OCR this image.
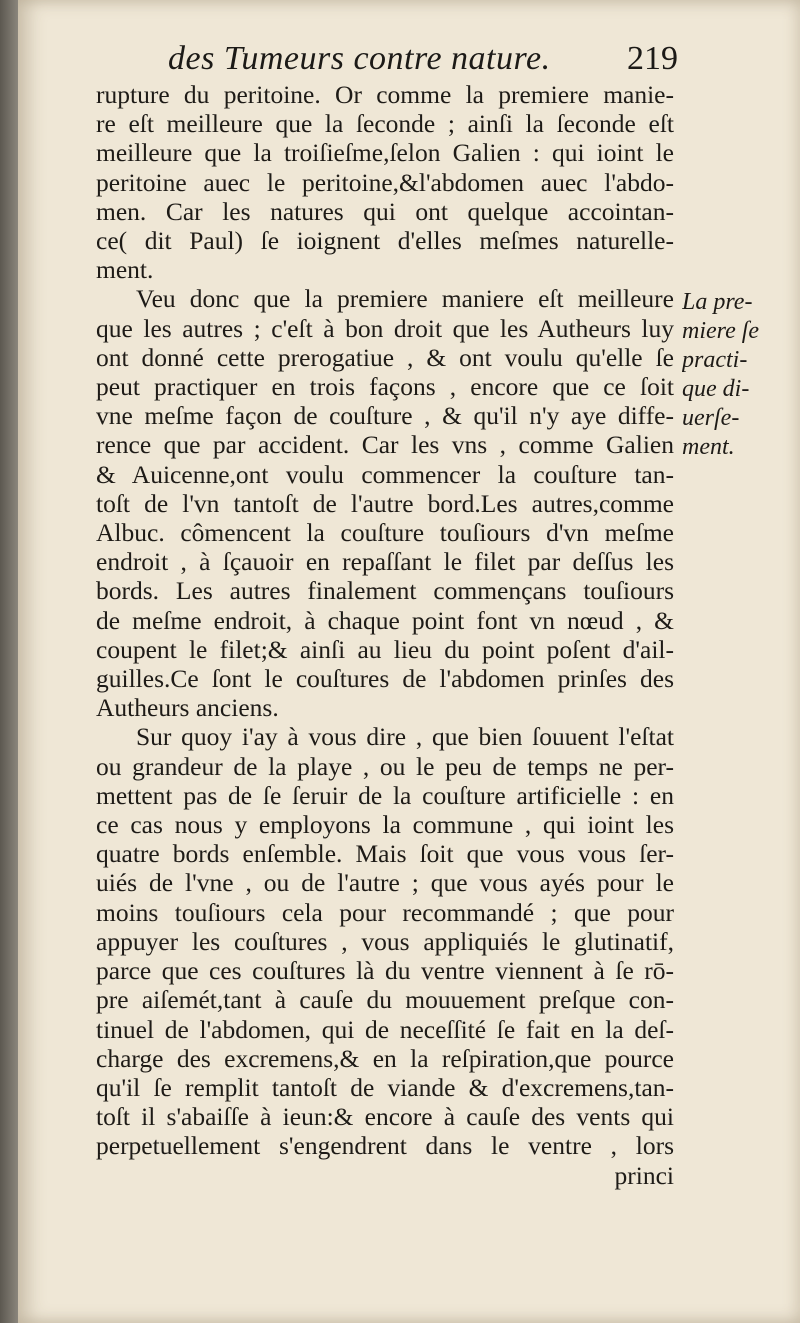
des Tumeurs contre nature. 219
rupture du peritoine. Or comme la premiere manie-
re eſt meilleure que la ſeconde ; ainſi la ſeconde eſt
meilleure que la troiſieſme,ſelon Galien : qui ioint le
peritoine auec le peritoine,&l'abdomen auec l'abdo-
men. Car les natures qui ont quelque accointan-
ce( dit Paul) ſe ioignent d'elles meſmes naturelle-
ment.
Veu donc que la premiere maniere eſt meilleure
que les autres ; c'eſt à bon droit que les Autheurs luy
ont donné cette prerogatiue , & ont voulu qu'elle ſe
peut practiquer en trois façons , encore que ce ſoit
vne meſme façon de couſture , & qu'il n'y aye diffe-
rence que par accident. Car les vns , comme Galien
& Auicenne,ont voulu commencer la couſture tan-
toſt de l'vn tantoſt de l'autre bord.Les autres,comme
Albuc. cômencent la couſture touſiours d'vn meſme
endroit , à ſçauoir en repaſſant le filet par deſſus les
bords. Les autres finalement commençans touſiours
de meſme endroit, à chaque point font vn nœud , &
coupent le filet;& ainſi au lieu du point poſent d'ail-
guilles.Ce ſont le couſtures de l'abdomen prinſes des
Autheurs anciens.
Sur quoy i'ay à vous dire , que bien ſouuent l'eſtat
ou grandeur de la playe , ou le peu de temps ne per-
mettent pas de ſe ſeruir de la couſture artificielle : en
ce cas nous y employons la commune , qui ioint les
quatre bords enſemble. Mais ſoit que vous vous ſer-
uiés de l'vne , ou de l'autre ; que vous ayés pour le
moins touſiours cela pour recommandé ; que pour
appuyer les couſtures , vous appliquiés le glutinatif,
parce que ces couſtures là du ventre viennent à ſe rō-
pre aiſemét,tant à cauſe du mouuement preſque con-
tinuel de l'abdomen, qui de neceſſité ſe fait en la deſ-
charge des excremens,& en la reſpiration,que pource
qu'il ſe remplit tantoſt de viande & d'excremens,tan-
toſt il s'abaiſſe à ieun:& encore à cauſe des vents qui
perpetuellement s'engendrent dans le ventre , lors
princi
La pre-
miere ſe
practi-
que di-
uerſe-
ment.
